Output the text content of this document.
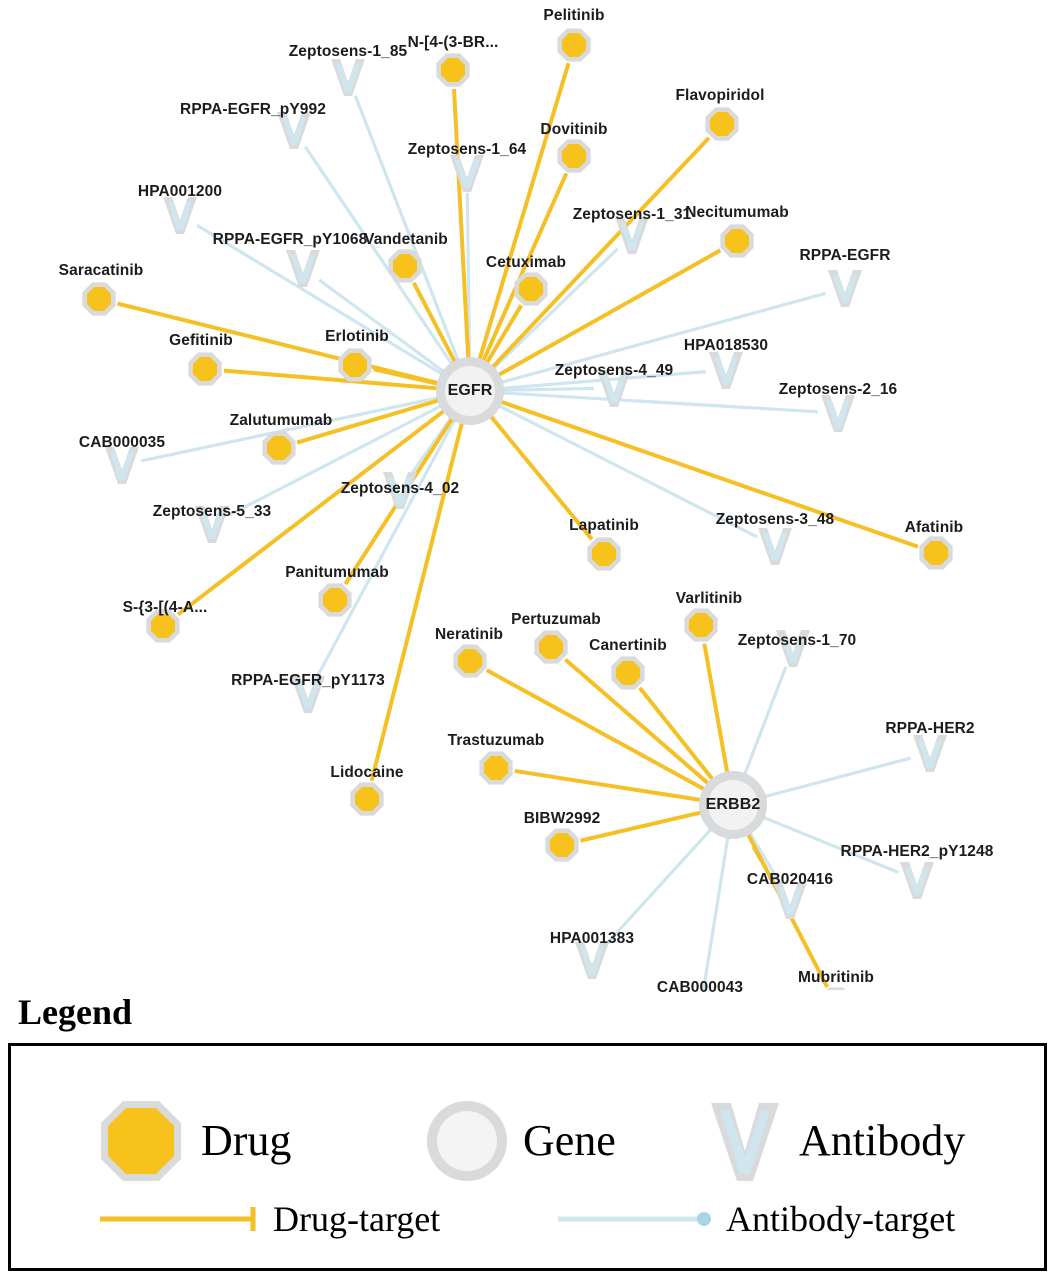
Zeptosens-1_85
RPPA-EGFR_pY992
Zeptosens-1_64
HPA001200
Zeptosens-1_31
RPPA-EGFR_pY1068
RPPA-EGFR
HPA018530
Zeptosens-4_49
Zeptosens-2_16
CAB000035
Zeptosens-4_02
Zeptosens-5_33	Zeptosens-3_48
Zeptosens-1_70
RPPA-EGFR_pY1173
RPPA-HER2
RPPA-HER2_pY1248
CAB020416
HPA001383
CAB000043
Pelitinib
N-[4-(3-BR...
Flavopiridol
Dovitinib
Necitumumab
Vandetanib
Cetuximab
Saracatinib
Gefitinib	Erlotinib
Zalutumumab
Afatinib
Lapatinib
Varlitinib
Panitumumab
S-{3-[(4-A...
Pertuzumab
Neratinib
Canertinib
Trastuzumab
Lidocaine
BIBW2992
Mubritinib
EGFR
ERBB2
Legend
Drug	Gene	Antibody
Drug-target	Antibody-target
